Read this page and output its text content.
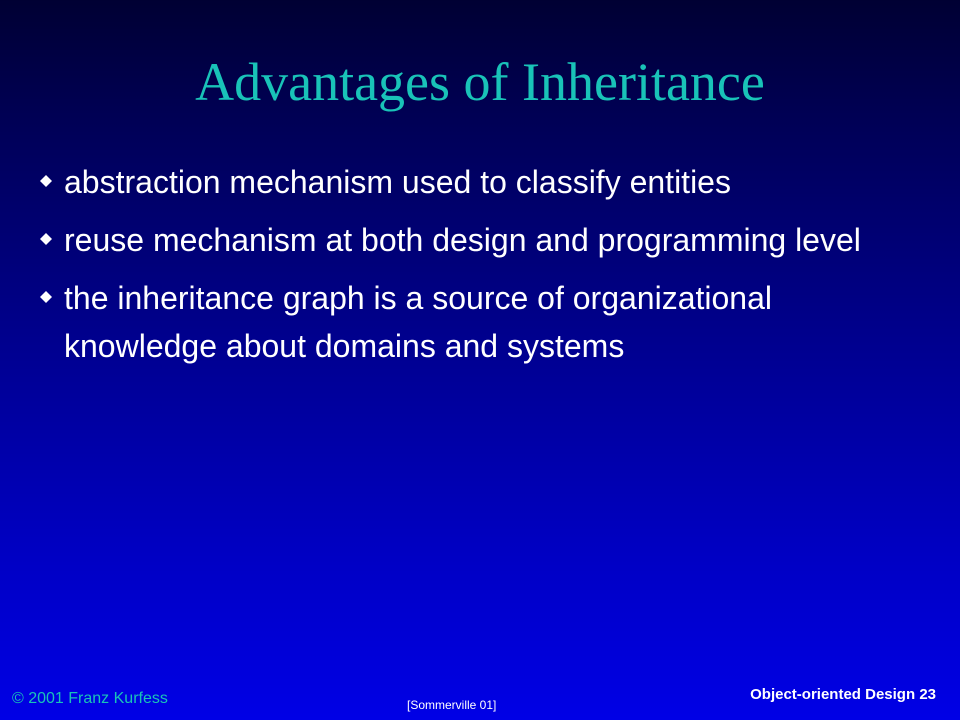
Advantages of Inheritance
abstraction mechanism used to classify entities
reuse mechanism at both design and programming level
the inheritance graph is a source of organizational knowledge about domains and systems
© 2001 Franz Kurfess	[Sommerville 01]
Object-oriented Design 23
